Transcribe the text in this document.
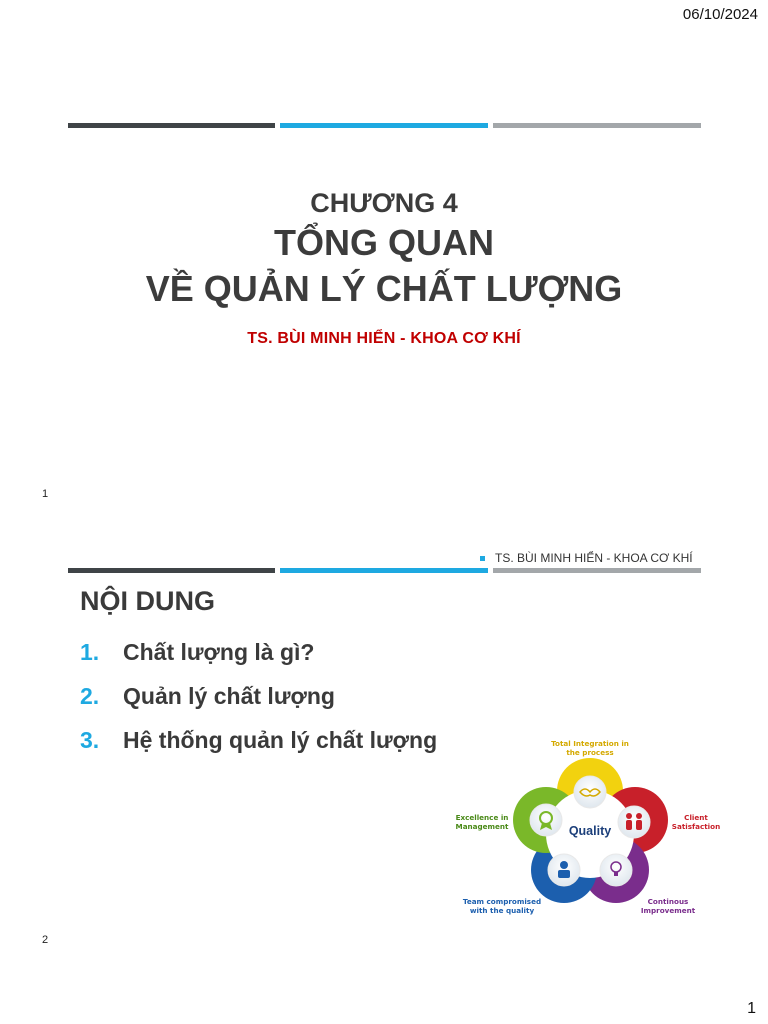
06/10/2024
CHƯƠNG 4
TỔNG QUAN
VỀ QUẢN LÝ CHẤT LƯỢNG
TS. BÙI MINH HIỂN - KHOA CƠ KHÍ
1
TS. BÙI MINH HIỂN - KHOA CƠ KHÍ
NỘI DUNG
1.	Chất lượng là gì?
2.	Quản lý chất lượng
3.	Hệ thống quản lý chất lượng
Quality
Total Integration in
the process
Client
Satisfaction
Continous
Improvement
Team compromised
with the quality
Excellence in
Management
2
1
